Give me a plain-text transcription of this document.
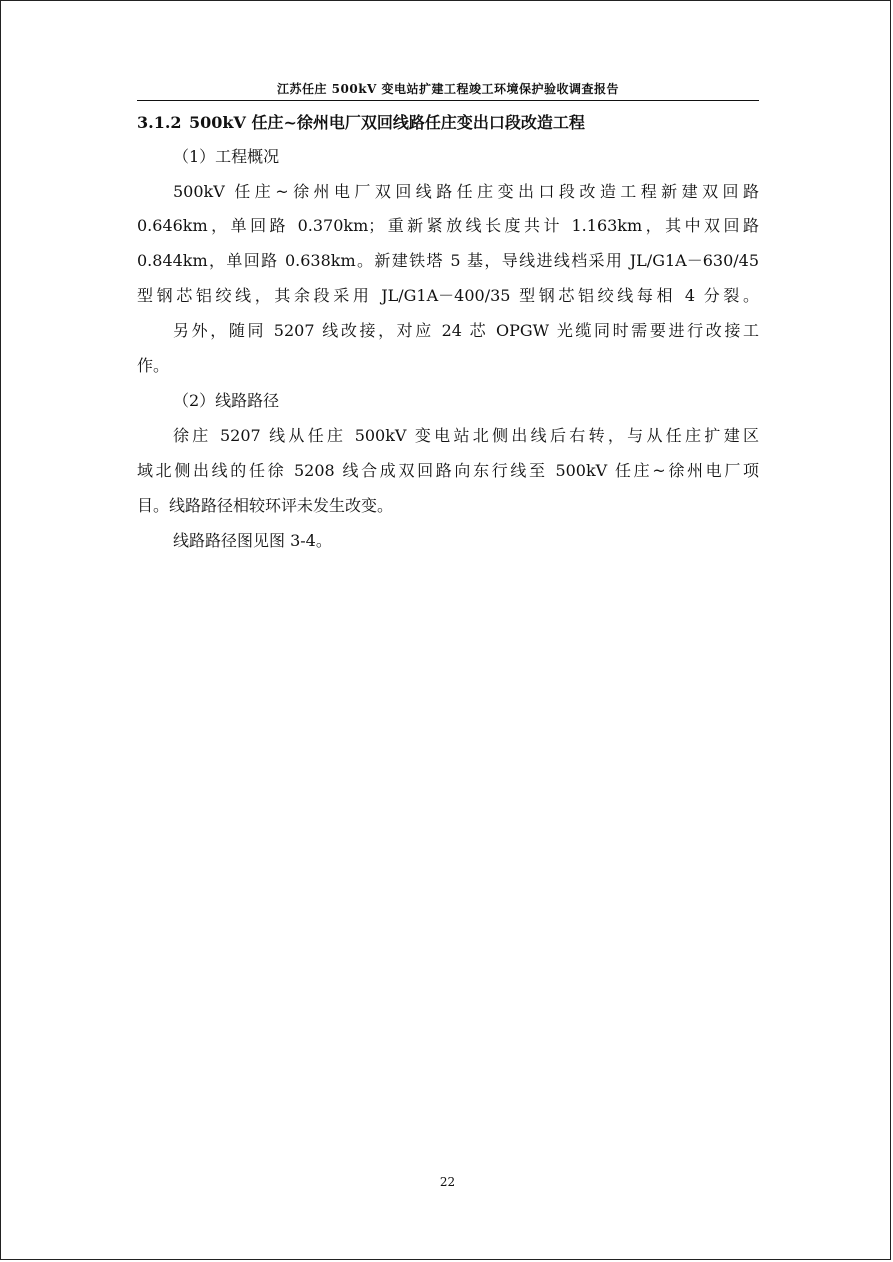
江苏任庄 500kV 变电站扩建工程竣工环境保护验收调查报告
3.1.2 500kV 任庄~徐州电厂双回线路任庄变出口段改造工程
（1）工程概况
500kV 任庄~徐州电厂双回线路任庄变出口段改造工程新建双回路
0.646km，单回路 0.370km；重新紧放线长度共计 1.163km，其中双回路
0.844km，单回路 0.638km。新建铁塔 5 基，导线进线档采用 JL/G1A－630/45
型钢芯铝绞线，其余段采用 JL/G1A－400/35 型钢芯铝绞线每相 4 分裂。
另外，随同 5207 线改接，对应 24 芯 OPGW 光缆同时需要进行改接工
作。
（2）线路路径
徐庄 5207 线从任庄 500kV 变电站北侧出线后右转，与从任庄扩建区
域北侧出线的任徐 5208 线合成双回路向东行线至 500kV 任庄~徐州电厂项
目。线路路径相较环评未发生改变。
线路路径图见图 3-4。
22
